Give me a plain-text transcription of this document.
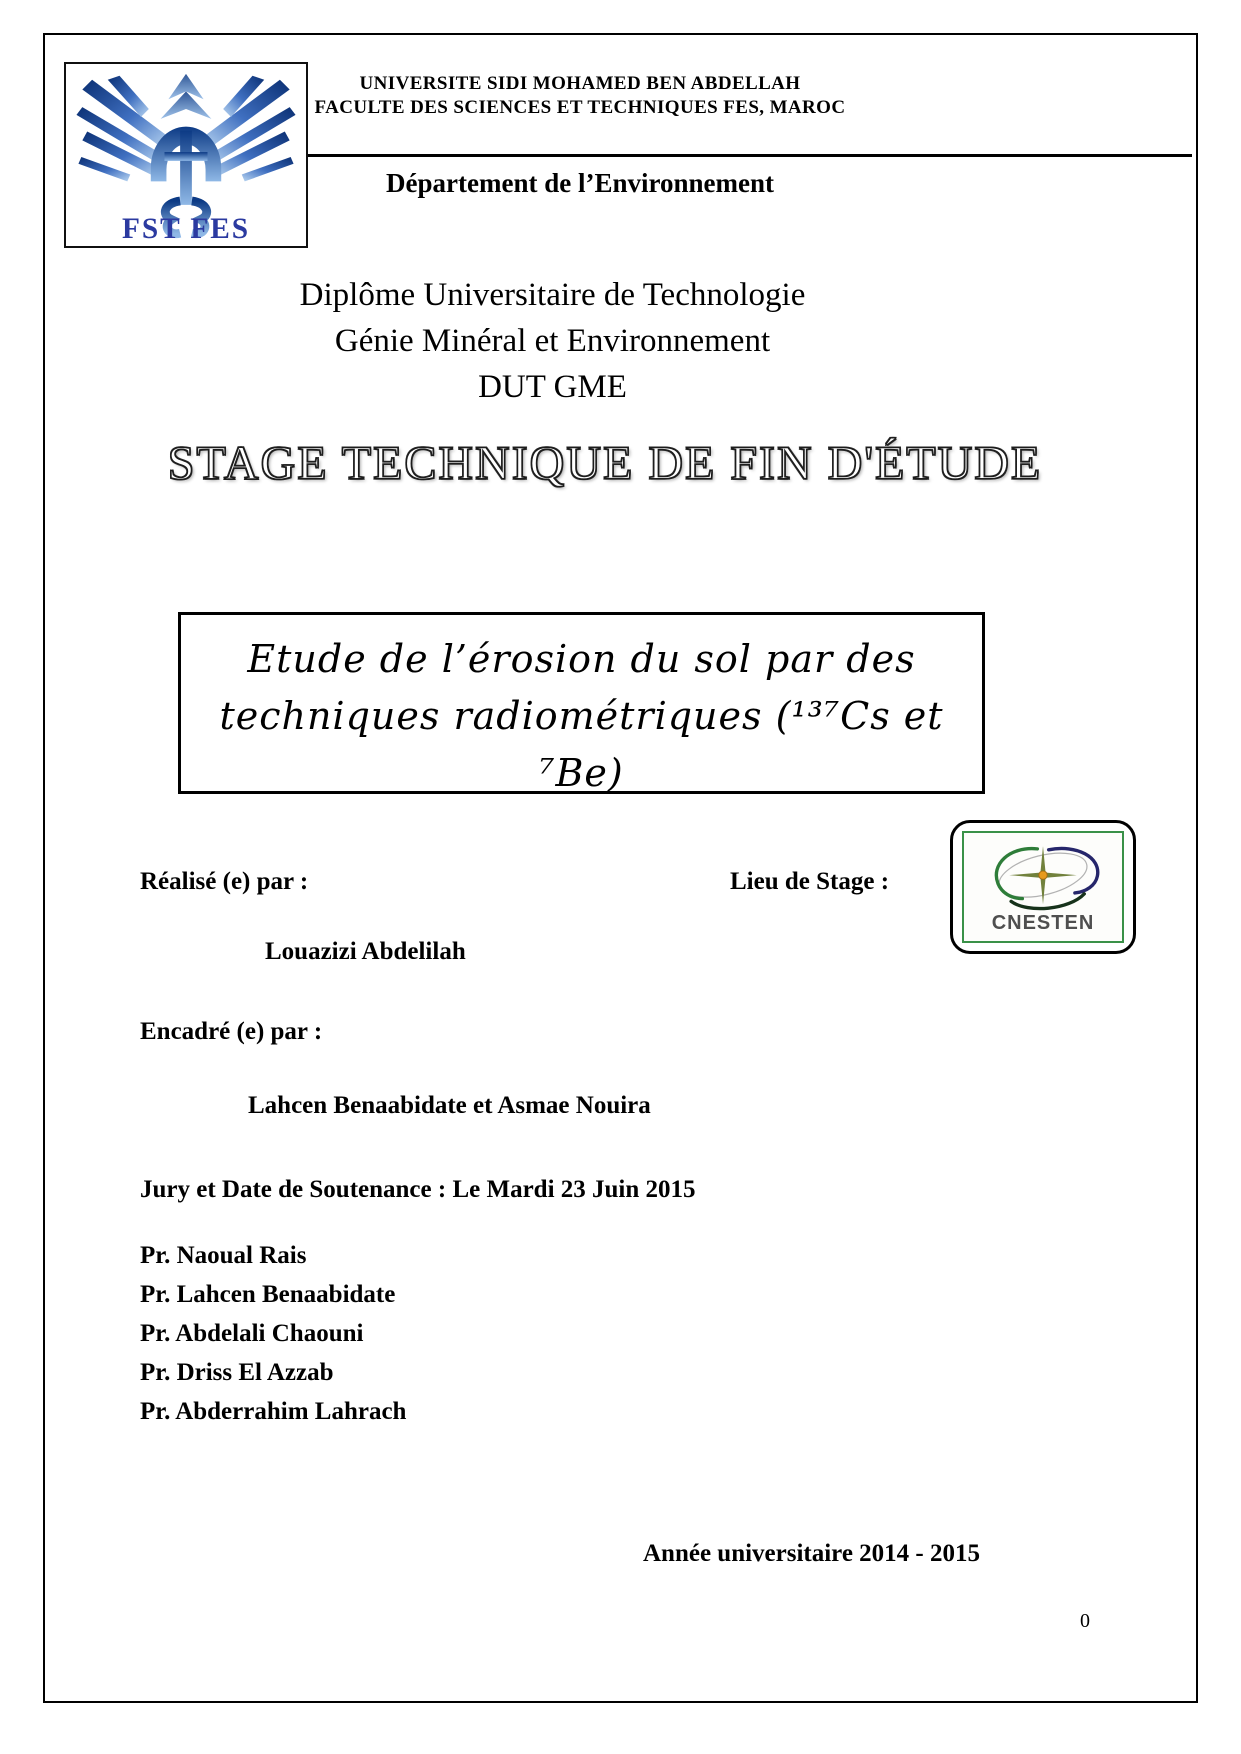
FST FES
UNIVERSITE SIDI MOHAMED BEN ABDELLAH
FACULTE DES SCIENCES ET TECHNIQUES FES, MAROC
Département de l’Environnement
Diplôme Universitaire de Technologie
Génie Minéral et Environnement
DUT GME
STAGE TECHNIQUE DE FIN D'ÉTUDE
Etude de l’érosion du sol par des
techniques radiométriques (¹³⁷Cs et ⁷Be)
Réalisé (e) par :	Lieu de Stage :
CNESTEN
Louazizi Abdelilah
Encadré (e) par :
Lahcen Benaabidate et Asmae Nouira
Jury et Date de Soutenance : Le Mardi 23 Juin 2015
Pr. Naoual Rais
Pr. Lahcen Benaabidate
Pr. Abdelali Chaouni
Pr. Driss El Azzab
Pr. Abderrahim Lahrach
Année universitaire 2014 - 2015
0
